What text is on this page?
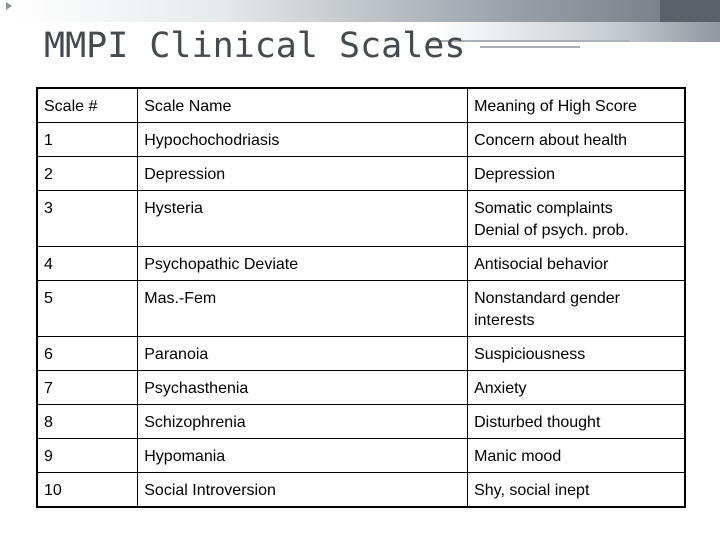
MMPI Clinical Scales
Scale #	Scale Name	Meaning of High Score
1	Hypochochodriasis	Concern about health

2	Depression	Depression

3	Hysteria	Somatic complaints
Denial of psych. prob.

4	Psychopathic Deviate	Antisocial behavior

5	Mas.-Fem	Nonstandard gender interests

6	Paranoia	Suspiciousness

7	Psychasthenia	Anxiety

8	Schizophrenia	Disturbed thought

9	Hypomania	Manic mood

10	Social Introversion	Shy, social inept
